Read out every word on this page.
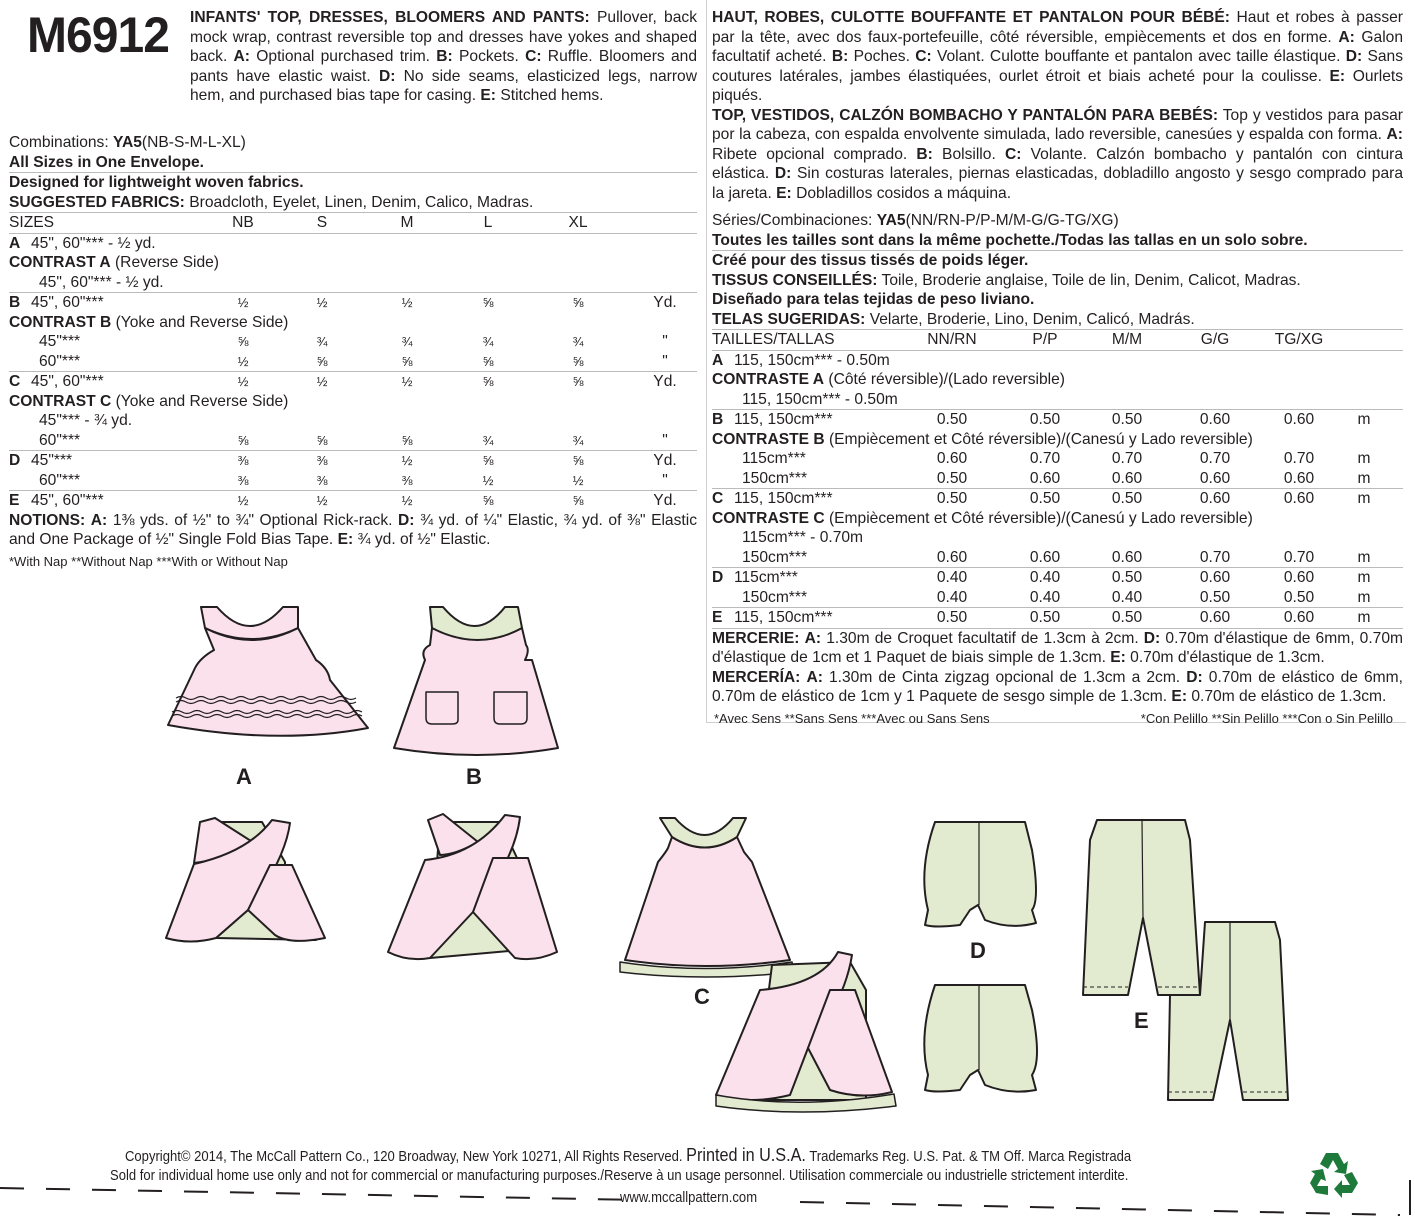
M6912 INFANTS' TOP, DRESSES, BLOOMERS AND PANTS: Pullover, back mock wrap, contrast reversible top and dresses have yokes and shaped back. A: Optional purchased trim. B: Pockets. C: Ruffle. Bloomers and pants have elastic waist. D: No side seams, elasticized legs, narrow hem, and purchased bias tape for casing. E: Stitched hems.
Combinations: YA5(NB-S-M-L-XL)
All Sizes in One Envelope.
Designed for lightweight woven fabrics.
SUGGESTED FABRICS: Broadcloth, Eyelet, Linen, Denim, Calico, Madras.
SIZES	NB	S	M	L	XL
A 45", 60"*** - ½ yd.
CONTRAST A (Reverse Side)
45", 60"*** - ½ yd.
B 45", 60"***	½	½	½	⅝	⅝	Yd.
CONTRAST B (Yoke and Reverse Side)
45"***	⅝	¾	¾	¾	¾	"
60"***	½	⅝	⅝	⅝	⅝	"
C 45", 60"***	½	½	½	⅝	⅝	Yd.
CONTRAST C (Yoke and Reverse Side)
45"*** - ¾ yd.
60"***	⅝	⅝	⅝	¾	¾	"
D 45"***	⅜	⅜	½	⅝	⅝	Yd.
60"***	⅜	⅜	⅜	½	½	"
E 45", 60"***	½	½	½	⅝	⅝	Yd.
NOTIONS: A: 1⅜ yds. of ½" to ¾" Optional Rick-rack. D: ¾ yd. of ¼" Elastic, ¾ yd. of ⅜" Elastic and One Package of ½" Single Fold Bias Tape. E: ¾ yd. of ½" Elastic.
*With Nap **Without Nap ***With or Without Nap
HAUT, ROBES, CULOTTE BOUFFANTE ET PANTALON POUR BÉBÉ: Haut et robes à passer par la tête, avec dos faux-portefeuille, côté réversible, empiècements et dos en forme. A: Galon facultatif acheté. B: Poches. C: Volant. Culotte bouffante et pantalon avec taille élastique. D: Sans coutures latérales, jambes élastiquées, ourlet étroit et biais acheté pour la coulisse. E: Ourlets piqués.
TOP, VESTIDOS, CALZÓN BOMBACHO Y PANTALÓN PARA BEBÉS: Top y vestidos para pasar por la cabeza, con espalda envolvente simulada, lado reversible, canesúes y espalda con forma. A: Ribete opcional comprado. B: Bolsillo. C: Volante. Calzón bombacho y pantalón con cintura elástica. D: Sin costuras laterales, piernas elasticadas, dobladillo angosto y sesgo comprado para la jareta. E: Dobladillos cosidos a máquina.
Séries/Combinaciones: YA5(NN/RN-P/P-M/M-G/G-TG/XG)
Toutes les tailles sont dans la même pochette./Todas las tallas en un solo sobre.
Créé pour des tissus tissés de poids léger.
TISSUS CONSEILLÉS: Toile, Broderie anglaise, Toile de lin, Denim, Calicot, Madras.
Diseñado para telas tejidas de peso liviano.
TELAS SUGERIDAS: Velarte, Broderie, Lino, Denim, Calicó, Madrás.
TAILLES/TALLAS	NN/RN	P/P	M/M	G/G	TG/XG
A 115, 150cm*** - 0.50m
CONTRASTE A (Côté réversible)/(Lado reversible)
115, 150cm*** - 0.50m
B 115, 150cm***	0.50	0.50	0.50	0.60	0.60	m
CONTRASTE B (Empiècement et Côté réversible)/(Canesú y Lado reversible)
115cm***	0.60	0.70	0.70	0.70	0.70	m
150cm***	0.50	0.60	0.60	0.60	0.60	m
C 115, 150cm***	0.50	0.50	0.50	0.60	0.60	m
CONTRASTE C (Empiècement et Côté réversible)/(Canesú y Lado reversible)
115cm*** - 0.70m
150cm***	0.60	0.60	0.60	0.70	0.70	m
D 115cm***	0.40	0.40	0.50	0.60	0.60	m
150cm***	0.40	0.40	0.40	0.50	0.50	m
E 115, 150cm***	0.50	0.50	0.50	0.60	0.60	m
MERCERIE: A: 1.30m de Croquet facultatif de 1.3cm à 2cm. D: 0.70m d'élastique de 6mm, 0.70m d'élastique de 1cm et 1 Paquet de biais simple de 1.3cm. E: 0.70m d'élastique de 1.3cm.
MERCERÍA: A: 1.30m de Cinta zigzag opcional de 1.3cm a 2cm. D: 0.70m de elástico de 6mm, 0.70m de elástico de 1cm y 1 Paquete de sesgo simple de 1.3cm. E: 0.70m de elástico de 1.3cm.
*Avec Sens **Sans Sens ***Avec ou Sans Sens	*Con Pelillo **Sin Pelillo ***Con o Sin Pelillo
A	B
C
D
E
Copyright© 2014, The McCall Pattern Co., 120 Broadway, New York 10271, All Rights Reserved. Printed in U.S.A. Trademarks Reg. U.S. Pat. & TM Off. Marca Registrada
Sold for individual home use only and not for commercial or manufacturing purposes./Reserve à un usage personnel. Utilisation commerciale ou industrielle strictement interdite.
www.mccallpattern.com
